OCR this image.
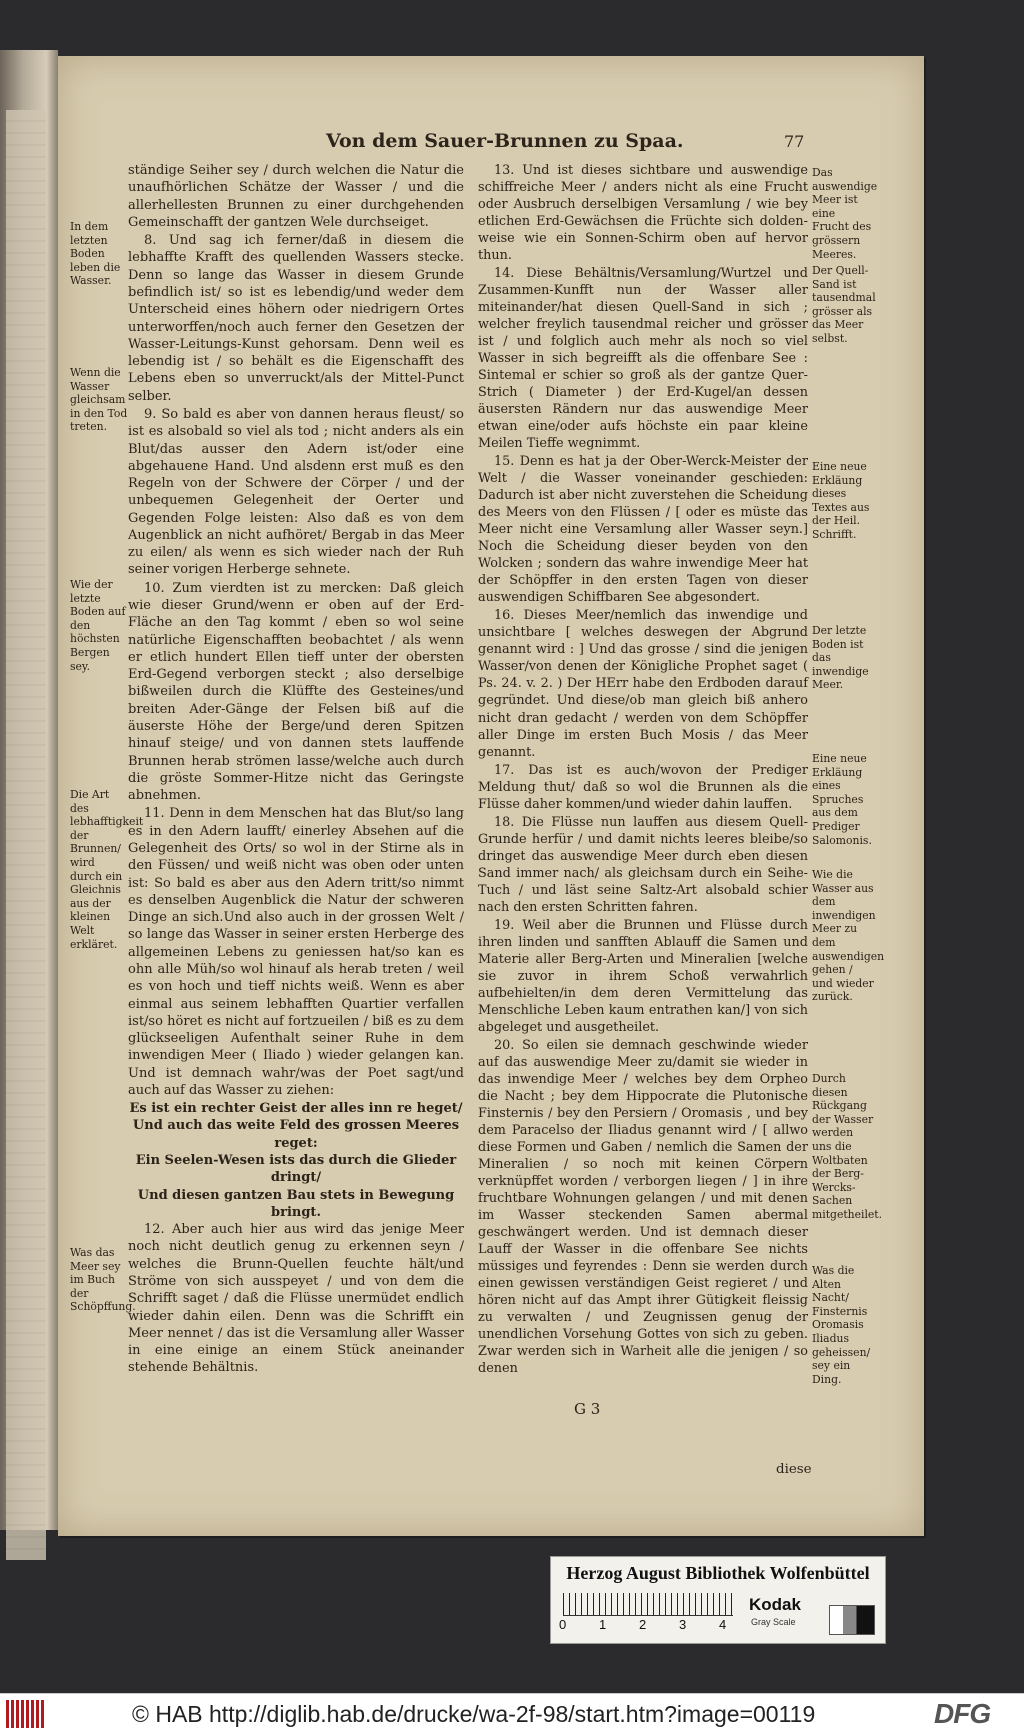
Von dem Sauer-Brunnen zu Spaa.	77

ständige Seiher sey / durch welchen die Natur die unaufhörlichen Schätze der Wasser / und die allerhellesten Brunnen zu einer durchgehenden Gemeinschafft der gantzen Wele durchseiget.

8. Und sag ich ferner/daß in diesem die lebhaffte Krafft des quellenden Wassers stecke. Denn so lange das Wasser in diesem Grunde befindlich ist/ so ist es lebendig/und weder dem Unterscheid eines höhern oder niedrigern Ortes unterworffen/noch auch ferner den Gesetzen der Wasser-Leitungs-Kunst gehorsam. Denn weil es lebendig ist / so behält es die Eigenschafft des Lebens eben so unverruckt/als der Mittel-Punct selber.

9. So bald es aber von dannen heraus fleust/ so ist es alsobald so viel als tod ; nicht anders als ein Blut/das ausser den Adern ist/oder eine abgehauene Hand. Und alsdenn erst muß es den Regeln von der Schwere der Cörper / und der unbequemen Gelegenheit der Oerter und Gegenden Folge leisten: Also daß es von dem Augenblick an nicht aufhöret/ Bergab in das Meer zu eilen/ als wenn es sich wieder nach der Ruh seiner vorigen Herberge sehnete.

10. Zum vierdten ist zu mercken: Daß gleich wie dieser Grund/wenn er oben auf der Erd-Fläche an den Tag kommt / eben so wol seine natürliche Eigenschafften beobachtet / als wenn er etlich hundert Ellen tieff unter der obersten Erd-Gegend verborgen steckt ; also derselbige bißweilen durch die Klüffte des Gesteines/und breiten Ader-Gänge der Felsen biß auf die äuserste Höhe der Berge/und deren Spitzen hinauf steige/ und von dannen stets lauffende Brunnen herab strömen lasse/welche auch durch die gröste Sommer-Hitze nicht das Geringste abnehmen.

11. Denn in dem Menschen hat das Blut/so lang es in den Adern laufft/ einerley Absehen auf die Gelegenheit des Orts/ so wol in der Stirne als in den Füssen/ und weiß nicht was oben oder unten ist: So bald es aber aus den Adern tritt/so nimmt es denselben Augenblick die Natur der schweren Dinge an sich.Und also auch in der grossen Welt / so lange das Wasser in seiner ersten Herberge des allgemeinen Lebens zu geniessen hat/so kan es ohn alle Müh/so wol hinauf als herab treten / weil es von hoch und tieff nichts weiß. Wenn es aber einmal aus seinem lebhafften Quartier verfallen ist/so höret es nicht auf fortzueilen / biß es zu dem glückseeligen Aufenthalt seiner Ruhe in dem inwendigen Meer ( Iliado ) wieder gelangen kan. Und ist demnach wahr/was der Poet sagt/und auch auf das Wasser zu ziehen:

Es ist ein rechter Geist der alles inn re heget/

Und auch das weite Feld des grossen Meeres reget:

Ein Seelen-Wesen ists das durch die Glieder dringt/

Und diesen gantzen Bau stets in Bewegung bringt.

12. Aber auch hier aus wird das jenige Meer noch nicht deutlich genug zu erkennen seyn / welches die Brunn-Quellen feuchte hält/und Ströme von sich ausspeyet / und von dem die Schrifft saget / daß die Flüsse unermüdet endlich wieder dahin eilen. Denn was die Schrifft ein Meer nennet / das ist die Versamlung aller Wasser in eine einige an einem Stück aneinander stehende Behältnis.

13. Und ist dieses sichtbare und auswendige schiffreiche Meer / anders nicht als eine Frucht oder Ausbruch derselbigen Versamlung / wie bey etlichen Erd-Gewächsen die Früchte sich dolden-weise wie ein Sonnen-Schirm oben auf hervor thun.

14. Diese Behältnis/Versamlung/Wurtzel und Zusammen-Kunfft nun der Wasser aller miteinander/hat diesen Quell-Sand in sich ; welcher freylich tausendmal reicher und grösser ist / und folglich auch mehr als noch so viel Wasser in sich begreifft als die offenbare See : Sintemal er schier so groß als der gantze Quer-Strich ( Diameter ) der Erd-Kugel/an dessen äusersten Rändern nur das auswendige Meer etwan eine/oder aufs höchste ein paar kleine Meilen Tieffe wegnimmt.

15. Denn es hat ja der Ober-Werck-Meister der Welt / die Wasser voneinander geschieden: Dadurch ist aber nicht zuverstehen die Scheidung des Meers von den Flüssen / [ oder es müste das Meer nicht eine Versamlung aller Wasser seyn.] Noch die Scheidung dieser beyden von den Wolcken ; sondern das wahre inwendige Meer hat der Schöpffer in den ersten Tagen von dieser auswendigen Schiffbaren See abgesondert.

16. Dieses Meer/nemlich das inwendige und unsichtbare [ welches deswegen der Abgrund genannt wird : ] Und das grosse / sind die jenigen Wasser/von denen der Königliche Prophet saget ( Ps. 24. v. 2. ) Der HErr habe den Erdboden darauf gegründet. Und diese/ob man gleich biß anhero nicht dran gedacht / werden von dem Schöpffer aller Dinge im ersten Buch Mosis / das Meer genannt.

17. Das ist es auch/wovon der Prediger Meldung thut/ daß so wol die Brunnen als die Flüsse daher kommen/und wieder dahin lauffen.

18. Die Flüsse nun lauffen aus diesem Quell-Grunde herfür / und damit nichts leeres bleibe/so dringet das auswendige Meer durch eben diesen Sand immer nach/ als gleichsam durch ein Seihe-Tuch / und läst seine Saltz-Art alsobald schier nach den ersten Schritten fahren.

19. Weil aber die Brunnen und Flüsse durch ihren linden und sanfften Ablauff die Samen und Materie aller Berg-Arten und Mineralien [welche sie zuvor in ihrem Schoß verwahrlich aufbehielten/in dem deren Vermittelung das Menschliche Leben kaum entrathen kan/] von sich abgeleget und ausgetheilet.

20. So eilen sie demnach geschwinde wieder auf das auswendige Meer zu/damit sie wieder in das inwendige Meer / welches bey dem Orpheo die Nacht ; bey dem Hippocrate die Plutonische Finsternis / bey den Persiern / Oromasis , und bey dem Paracelso der Iliadus genannt wird / [ allwo diese Formen und Gaben / nemlich die Samen der Mineralien / so noch mit keinen Cörpern verknüpffet worden / verborgen liegen / ] in ihre fruchtbare Wohnungen gelangen / und mit denen im Wasser steckenden Samen abermal geschwängert werden. Und ist demnach dieser Lauff der Wasser in die offenbare See nichts müssiges und feyrendes : Denn sie werden durch einen gewissen verständigen Geist regieret / und hören nicht auf das Ampt ihrer Gütigkeit fleissig zu verwalten / und Zeugnissen genug der unendlichen Vorsehung Gottes von sich zu geben. Zwar werden sich in Warheit alle die jenigen / so denen

In dem letzten Boden leben die Wasser.
Wenn die Wasser gleichsam in den Tod treten.
Wie der letzte Boden auf den höchsten Bergen sey.
Die Art des lebhafftigkeit der Brunnen/ wird durch ein Gleichnis aus der kleinen Welt erkläret.
Was das Meer sey im Buch der Schöpffung.
Das auswendige Meer ist eine Frucht des grössern Meeres.
Der Quell-Sand ist tausendmal grösser als das Meer selbst.
Eine neue Erkläung dieses Textes aus der Heil. Schrifft.
Der letzte Boden ist das inwendige Meer.
Eine neue Erkläung eines Spruches aus dem Prediger Salomonis.
Wie die Wasser aus dem inwendigen Meer zu dem auswendigen gehen / und wieder zurück.
Durch diesen Rückgang der Wasser werden uns die Woltbaten der Berg-Wercks-Sachen mitgetheilet.
Was die Alten Nacht/ Finsternis Oromasis Iliadus geheissen/ sey ein Ding.
G 3
diese
Herzog August Bibliothek Wolfenbüttel
0	1	2	3	4
Kodak
Gray Scale
© HAB http://diglib.hab.de/drucke/wa-2f-98/start.htm?image=00119	DFG
